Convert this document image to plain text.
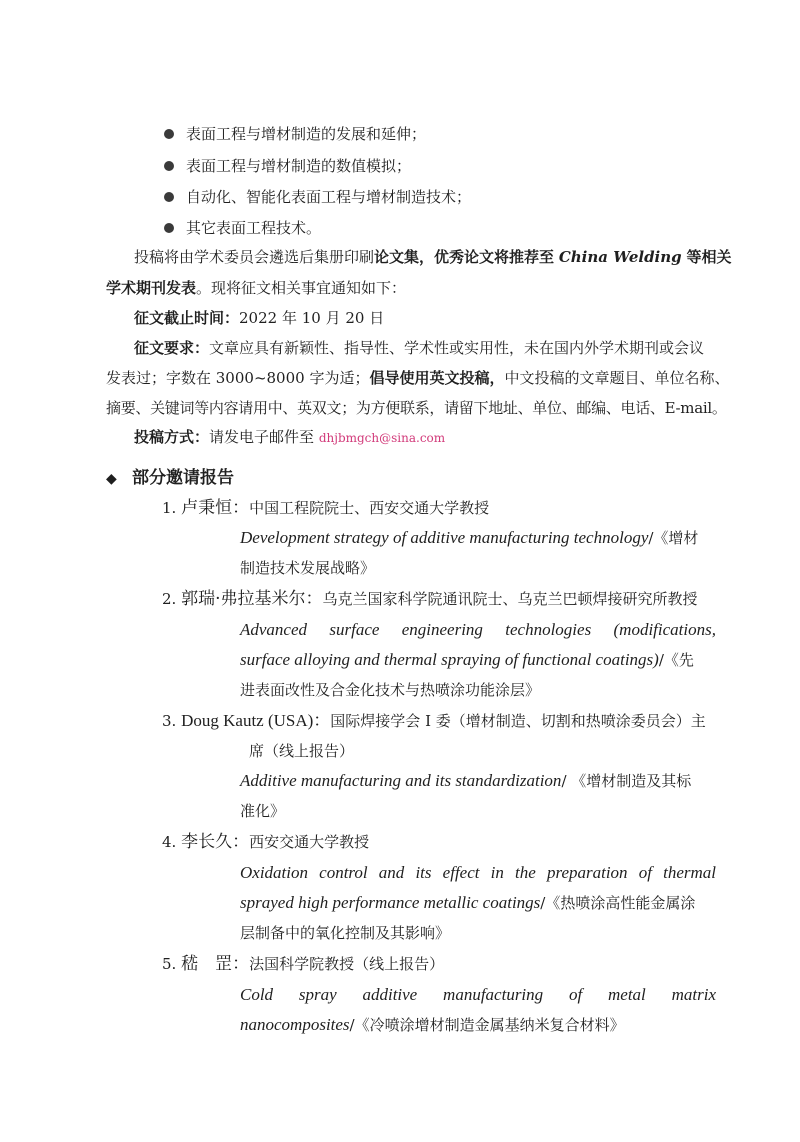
表面工程与增材制造的发展和延伸；
表面工程与增材制造的数值模拟；
自动化、智能化表面工程与增材制造技术；
其它表面工程技术。
投稿将由学术委员会遴选后集册印刷论文集，优秀论文将推荐至 China Welding 等相关
学术期刊发表。现将征文相关事宜通知如下：
征文截止时间：2022 年 10 月 20 日
征文要求：文章应具有新颖性、指导性、学术性或实用性，未在国内外学术期刊或会议
发表过；字数在 3000~8000 字为适；倡导使用英文投稿，中文投稿的文章题目、单位名称、
摘要、关键词等内容请用中、英双文；为方便联系，请留下地址、单位、邮编、电话、E-mail。
投稿方式：请发电子邮件至 dhjbmgch@sina.com
◆ 部分邀请报告
1. 卢秉恒：中国工程院院士、西安交通大学教授
Development strategy of additive manufacturing technology/《增材
制造技术发展战略》
2. 郭瑞·弗拉基米尔：乌克兰国家科学院通讯院士、乌克兰巴顿焊接研究所教授
Advanced surface engineering technologies (modifications,
surface alloying and thermal spraying of functional coatings)/《先
进表面改性及合金化技术与热喷涂功能涂层》
3. Doug Kautz (USA)：国际焊接学会 I 委（增材制造、切割和热喷涂委员会）主
席（线上报告）
Additive manufacturing and its standardization/ 《增材制造及其标
准化》
4. 李长久：西安交通大学教授
Oxidation control and its effect in the preparation of thermal
sprayed high performance metallic coatings/《热喷涂高性能金属涂
层制备中的氧化控制及其影响》
5. 嵇　罡：法国科学院教授（线上报告）
Cold spray additive manufacturing of metal matrix
nanocomposites/《冷喷涂增材制造金属基纳米复合材料》
